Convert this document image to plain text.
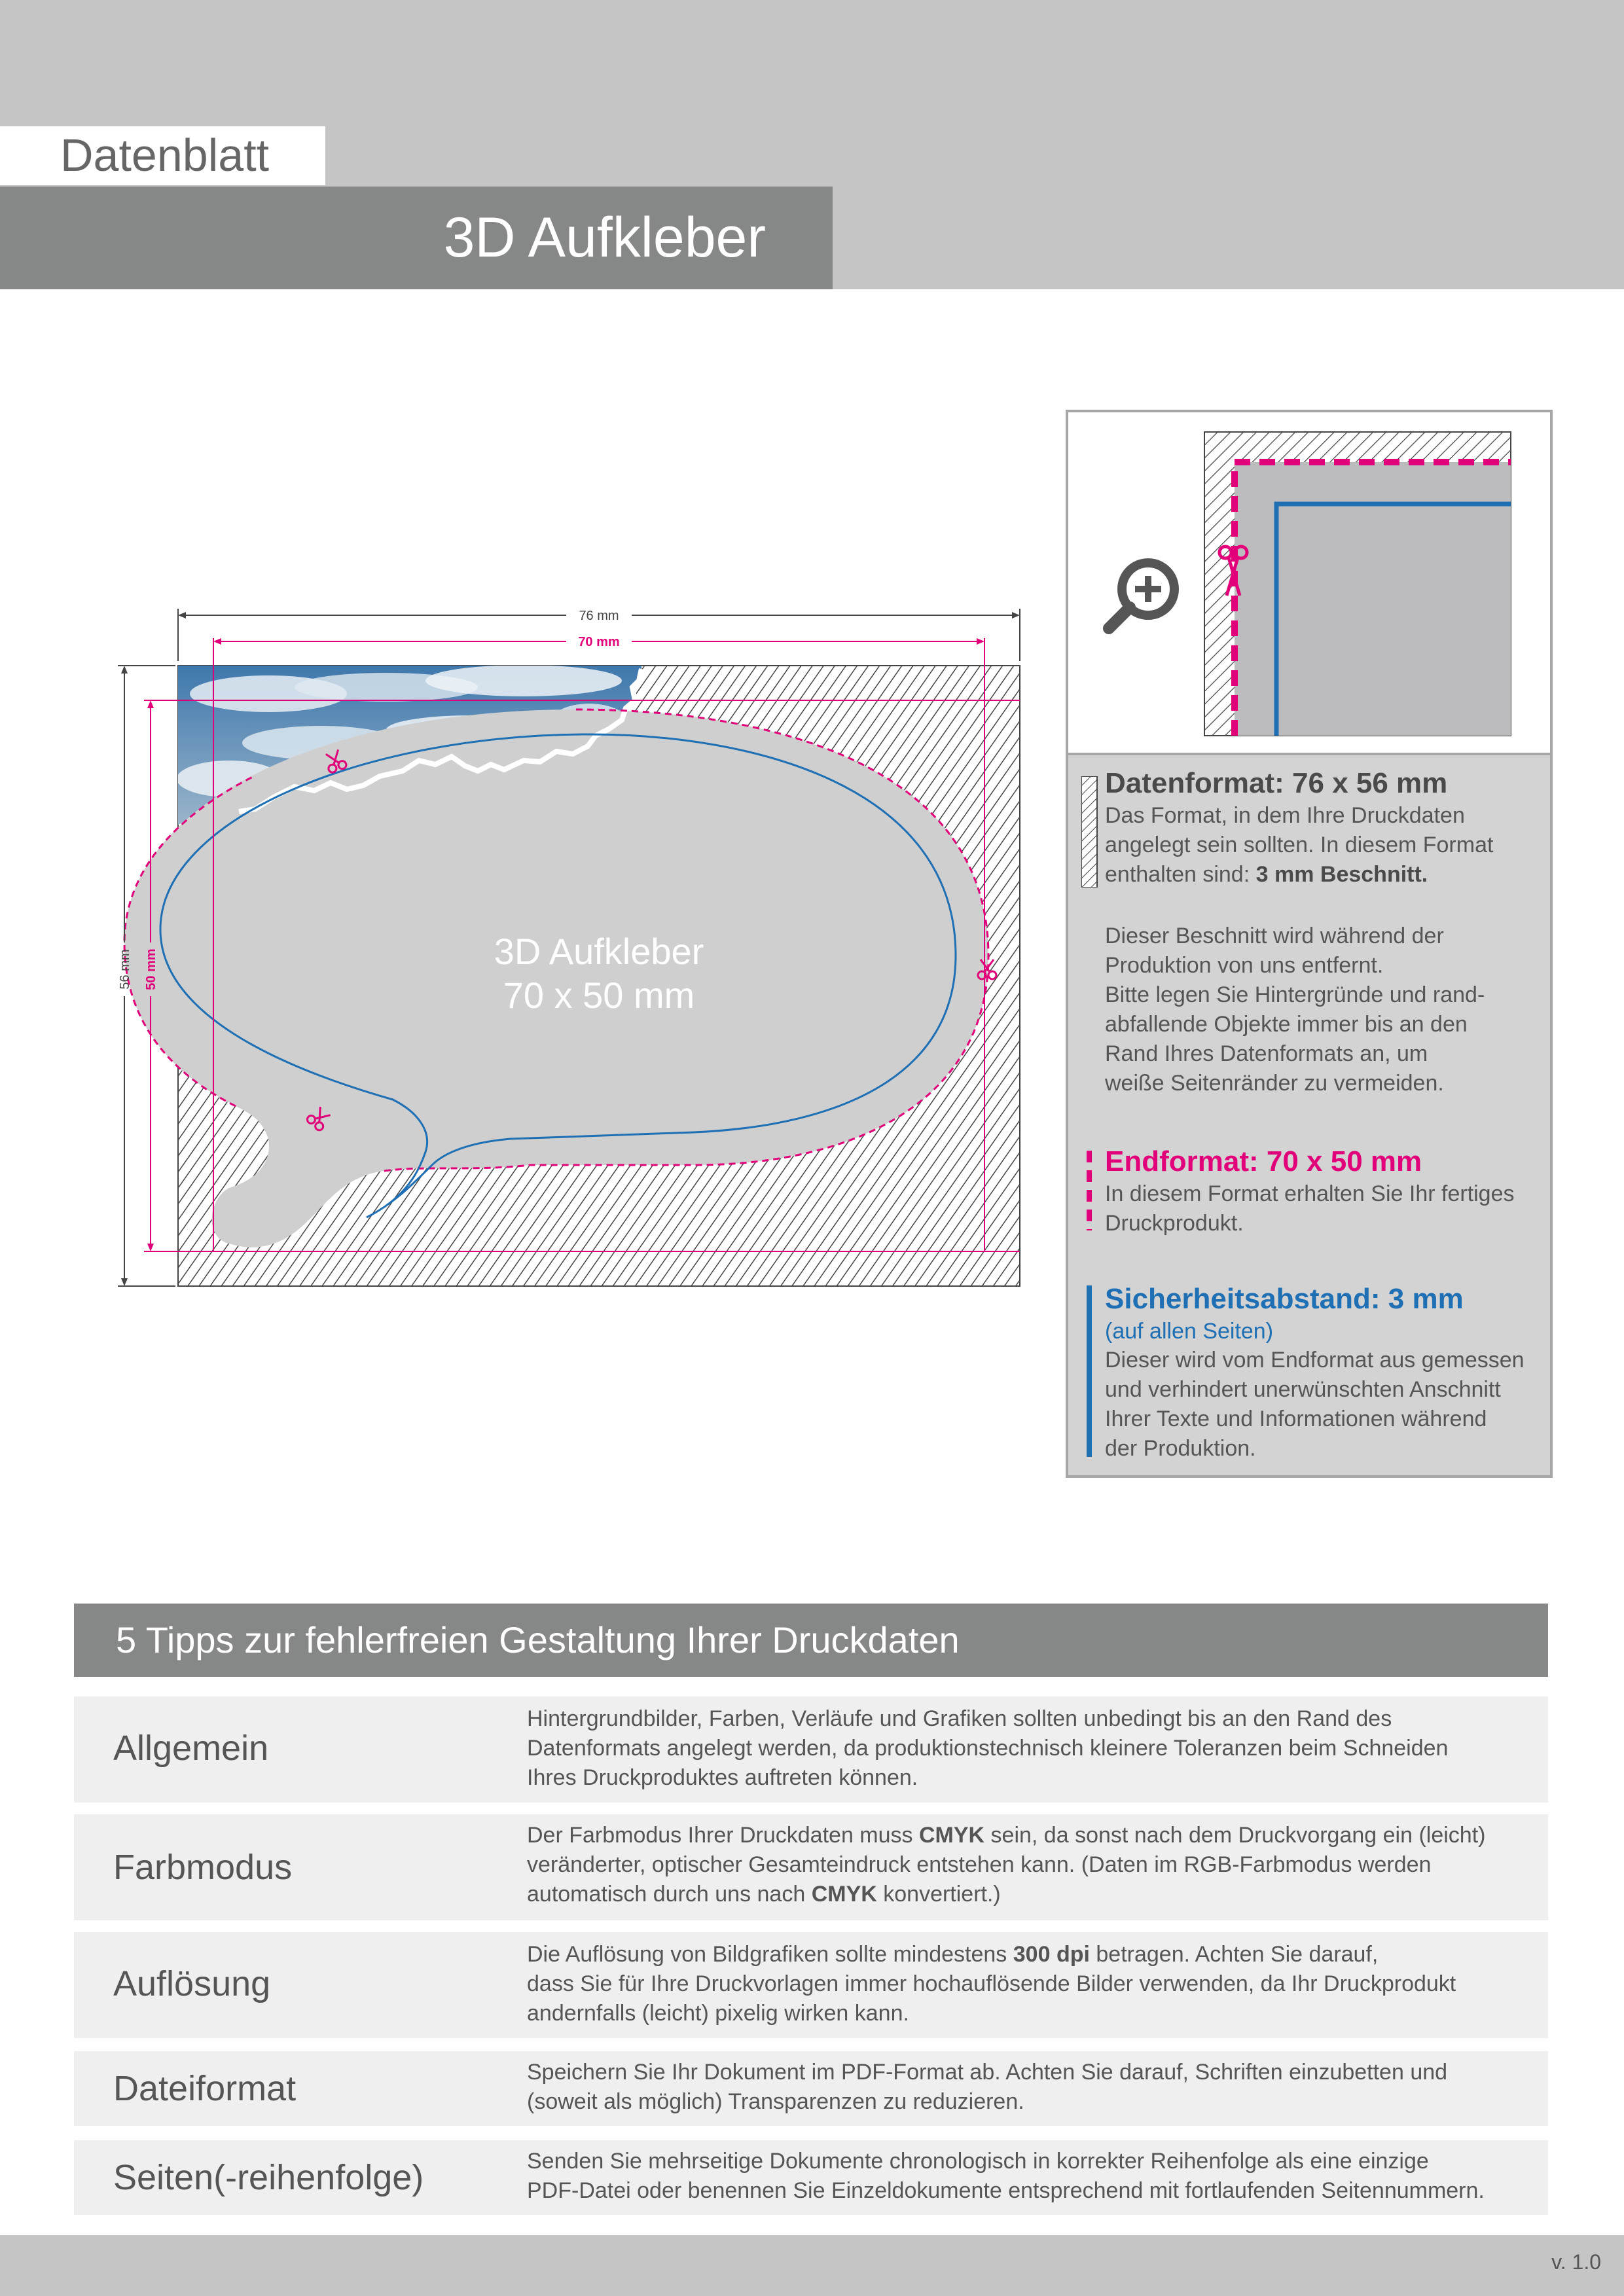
Datenblatt
3D Aufkleber
76 mm
70 mm
56 mm 50 mm	3D Aufkleber
70 x 50 mm
Datenformat: 76 x 56 mm
Das Format, in dem Ihre Druckdaten
angelegt sein sollten. In diesem Format
enthalten sind: 3 mm Beschnitt.
Dieser Beschnitt wird während der
Produktion von uns entfernt.
Bitte legen Sie Hintergründe und rand-
abfallende Objekte immer bis an den
Rand Ihres Datenformats an, um
weiße Seitenränder zu vermeiden.
Endformat: 70 x 50 mm
In diesem Format erhalten Sie Ihr fertiges
Druckprodukt.
Sicherheitsabstand: 3 mm
(auf allen Seiten)
Dieser wird vom Endformat aus gemessen
und verhindert unerwünschten Anschnitt
Ihrer Texte und Informationen während
der Produktion.
5 Tipps zur fehlerfreien Gestaltung Ihrer Druckdaten
Allgemein
Hintergrundbilder, Farben, Verläufe und Grafiken sollten unbedingt bis an den Rand des
Datenformats angelegt werden, da produktionstechnisch kleinere Toleranzen beim Schneiden
Ihres Druckproduktes auftreten können.
Farbmodus
Der Farbmodus Ihrer Druckdaten muss CMYK sein, da sonst nach dem Druckvorgang ein (leicht)
veränderter, optischer Gesamteindruck entstehen kann. (Daten im RGB-Farbmodus werden
automatisch durch uns nach CMYK konvertiert.)
Auflösung
Die Auflösung von Bildgrafiken sollte mindestens 300 dpi betragen. Achten Sie darauf,
dass Sie für Ihre Druckvorlagen immer hochauflösende Bilder verwenden, da Ihr Druckprodukt
andernfalls (leicht) pixelig wirken kann.
Dateiformat	Speichern Sie Ihr Dokument im PDF-Format ab. Achten Sie darauf, Schriften einzubetten und
(soweit als möglich) Transparenzen zu reduzieren.
Seiten(-reihenfolge)	Senden Sie mehrseitige Dokumente chronologisch in korrekter Reihenfolge als eine einzige
PDF-Datei oder benennen Sie Einzeldokumente entsprechend mit fortlaufenden Seitennummern.
v. 1.0
